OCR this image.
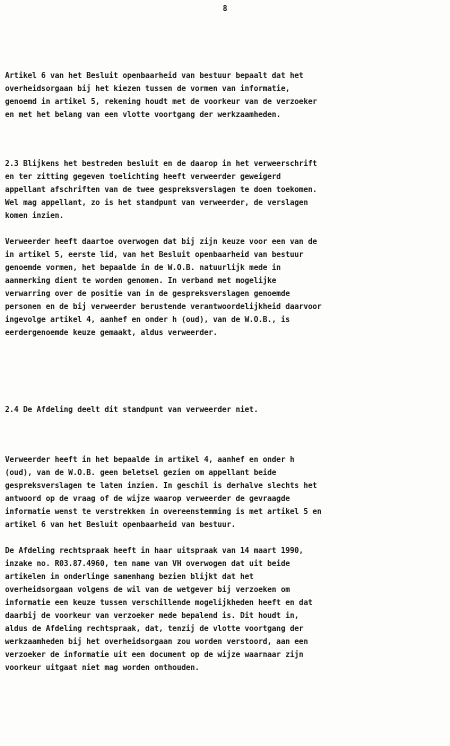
8
Artikel 6 van het Besluit openbaarheid van bestuur bepaalt dat het
overheidsorgaan bij het kiezen tussen de vormen van informatie,
genoemd in artikel 5, rekening houdt met de voorkeur van de verzoeker
en met het belang van een vlotte voortgang der werkzaamheden.
2.3 Blijkens het bestreden besluit en de daarop in het verweerschrift
en ter zitting gegeven toelichting heeft verweerder geweigerd
appellant afschriften van de twee gespreksverslagen te doen toekomen.
Wel mag appellant, zo is het standpunt van verweerder, de verslagen
komen inzien.
Verweerder heeft daartoe overwogen dat bij zijn keuze voor een van de
in artikel 5, eerste lid, van het Besluit openbaarheid van bestuur
genoemde vormen, het bepaalde in de W.O.B. natuurlijk mede in
aanmerking dient te worden genomen. In verband met mogelijke
verwarring over de positie van in de gespreksverslagen genoemde
personen en de bij verweerder berustende verantwoordelijkheid daarvoor
ingevolge artikel 4, aanhef en onder h (oud), van de W.O.B., is
eerdergenoemde keuze gemaakt, aldus verweerder.
2.4 De Afdeling deelt dit standpunt van verweerder niet.
Verweerder heeft in het bepaalde in artikel 4, aanhef en onder h
(oud), van de W.O.B. geen beletsel gezien om appellant beide
gespreksverslagen te laten inzien. In geschil is derhalve slechts het
antwoord op de vraag of de wijze waarop verweerder de gevraagde
informatie wenst te verstrekken in overeenstemming is met artikel 5 en
artikel 6 van het Besluit openbaarheid van bestuur.
De Afdeling rechtspraak heeft in haar uitspraak van 14 maart 1990,
inzake no. R03.87.4960, ten name van VH overwogen dat uit beide
artikelen in onderlinge samenhang bezien blijkt dat het
overheidsorgaan volgens de wil van de wetgever bij verzoeken om
informatie een keuze tussen verschillende mogelijkheden heeft en dat
daarbij de voorkeur van verzoeker mede bepalend is. Dit houdt in,
aldus de Afdeling rechtspraak, dat, tenzij de vlotte voortgang der
werkzaamheden bij het overheidsorgaan zou worden verstoord, aan een
verzoeker de informatie uit een document op de wijze waarnaar zijn
voorkeur uitgaat niet mag worden onthouden.
